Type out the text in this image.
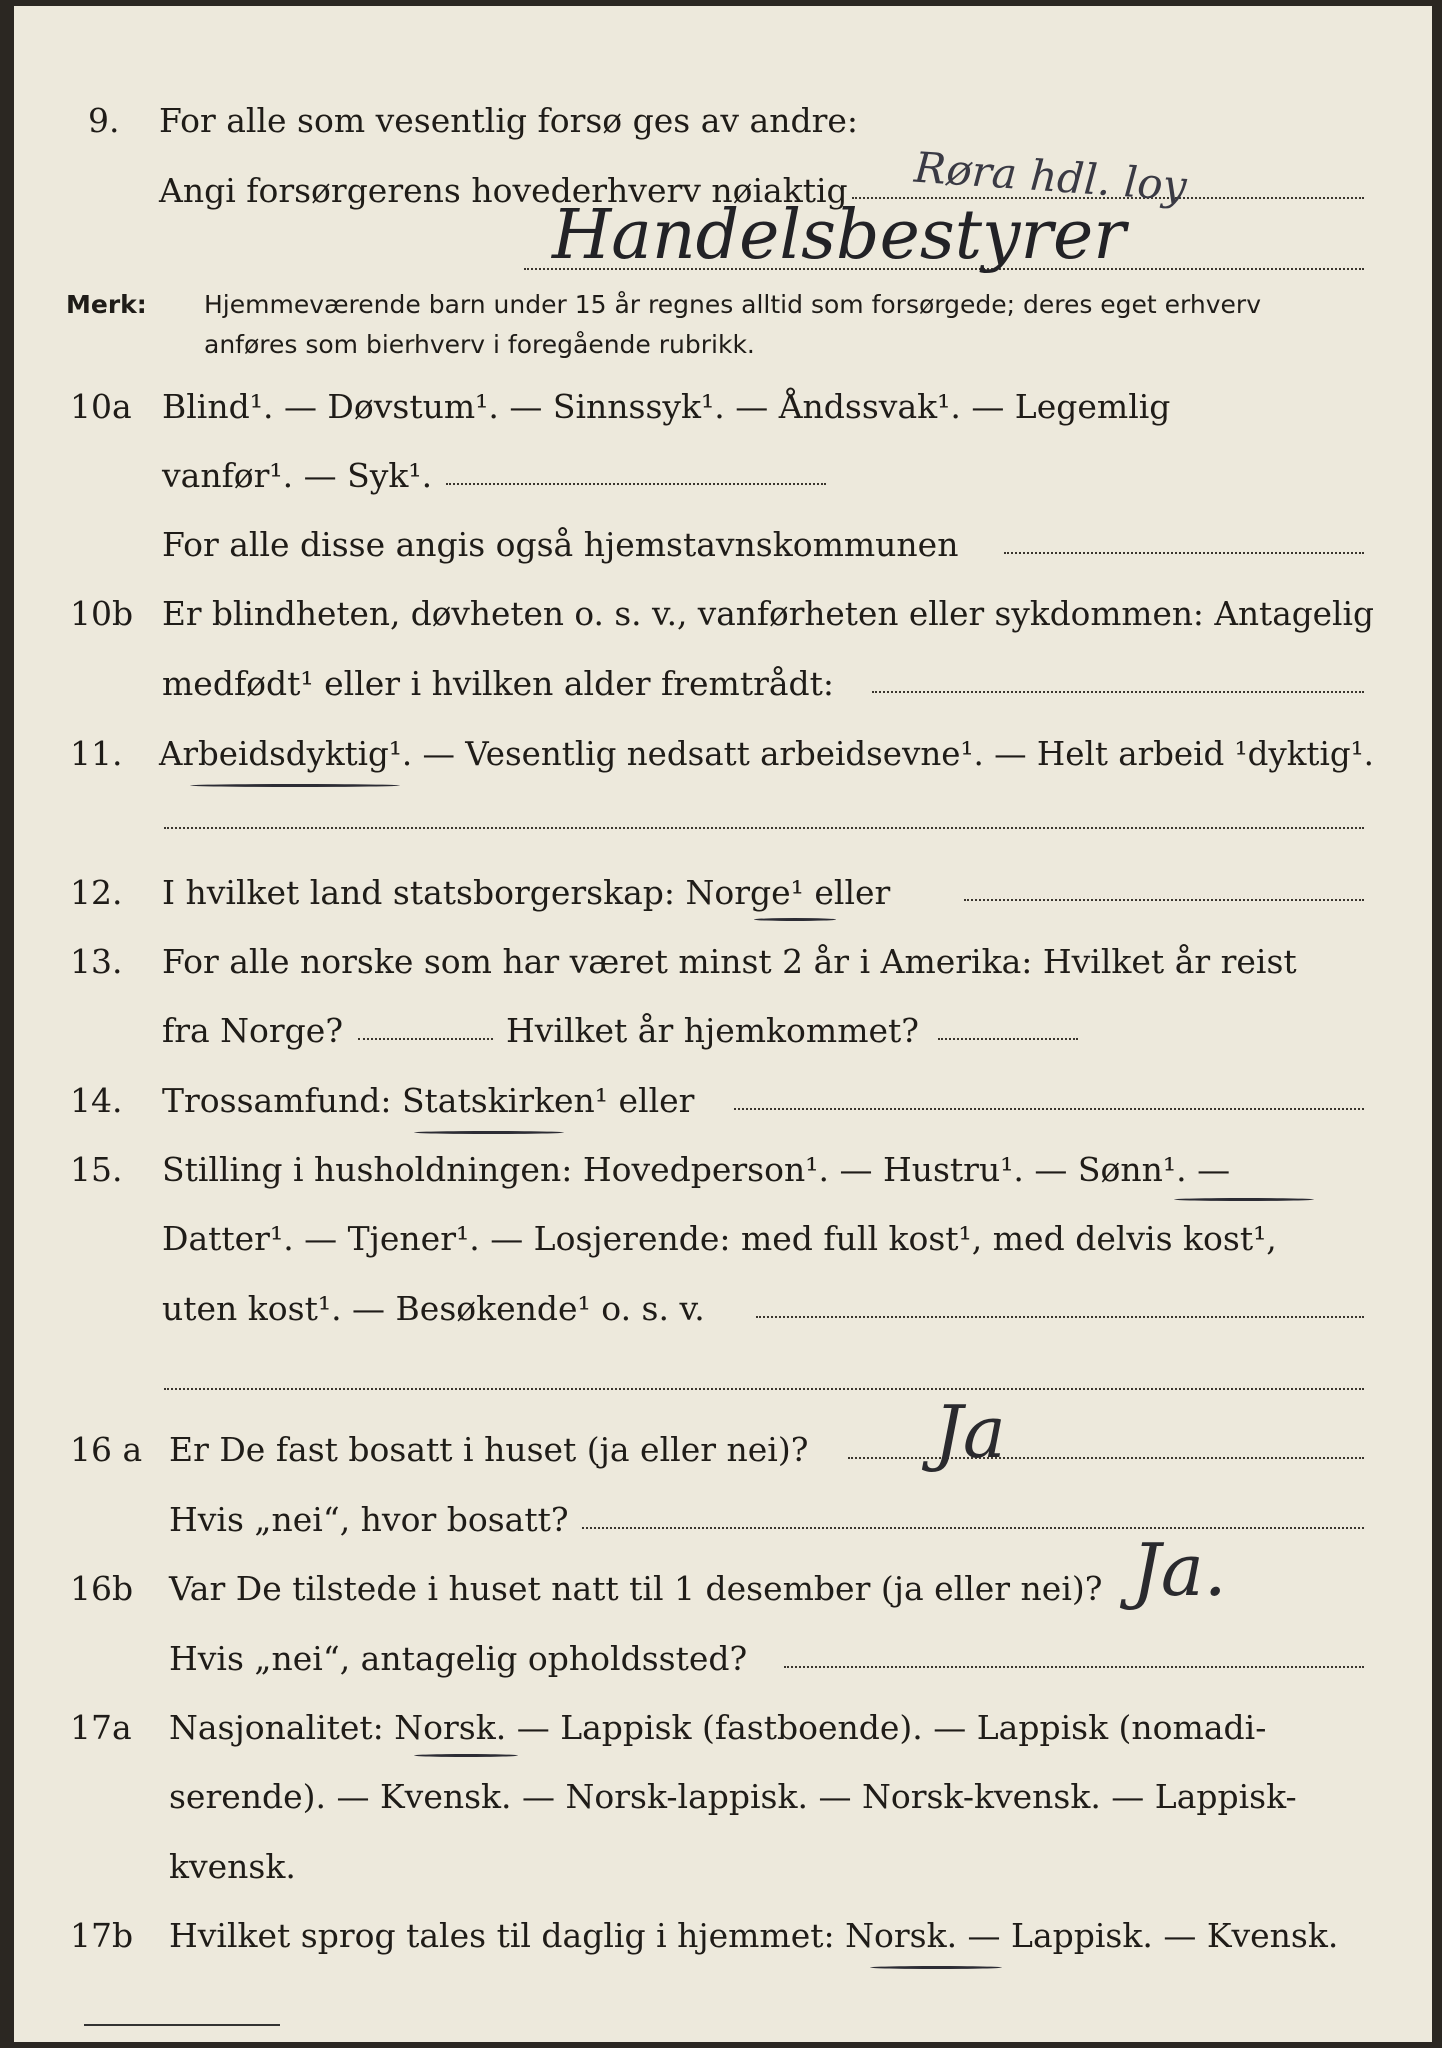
9. For alle som vesentlig forsø ges av andre:
Angi forsørgerens hovederhverv nøiaktig Røra hdl. loy
Handelsbestyrer
Merk: Hjemmeværende barn under 15 år regnes alltid som forsørgede; deres eget erhverv
anføres som bierhverv i foregående rubrikk.
10a Blind¹. — Døvstum¹. — Sinnssyk¹. — Åndssvak¹. — Legemlig
vanfør¹. — Syk¹.
For alle disse angis også hjemstavnskommunen
10b Er blindheten, døvheten o. s. v., vanførheten eller sykdommen: Antagelig
medfødt¹ eller i hvilken alder fremtrådt:
11. Arbeidsdyktig¹. — Vesentlig nedsatt arbeidsevne¹. — Helt arbeid ¹dyktig¹.
12. I hvilket land statsborgerskap: Norge¹ eller
13. For alle norske som har været minst 2 år i Amerika: Hvilket år reist
fra Norge?	Hvilket år hjemkommet?
14. Trossamfund: Statskirken¹ eller
15. Stilling i husholdningen: Hovedperson¹. — Hustru¹. — Sønn¹. —
Datter¹. — Tjener¹. — Losjerende: med full kost¹, med delvis kost¹,
uten kost¹. — Besøkende¹ o. s. v.
16 a Er De fast bosatt i huset (ja eller nei)? Ja
Hvis „nei“, hvor bosatt?
16b Var De tilstede i huset natt til 1 desember (ja eller nei)? Ja.
Hvis „nei“, antagelig opholdssted?
17a Nasjonalitet: Norsk. — Lappisk (fastboende). — Lappisk (nomadi-
serende). — Kvensk. — Norsk-lappisk. — Norsk-kvensk. — Lappisk-
kvensk.
17b Hvilket sprog tales til daglig i hjemmet: Norsk. — Lappisk. — Kvensk.
